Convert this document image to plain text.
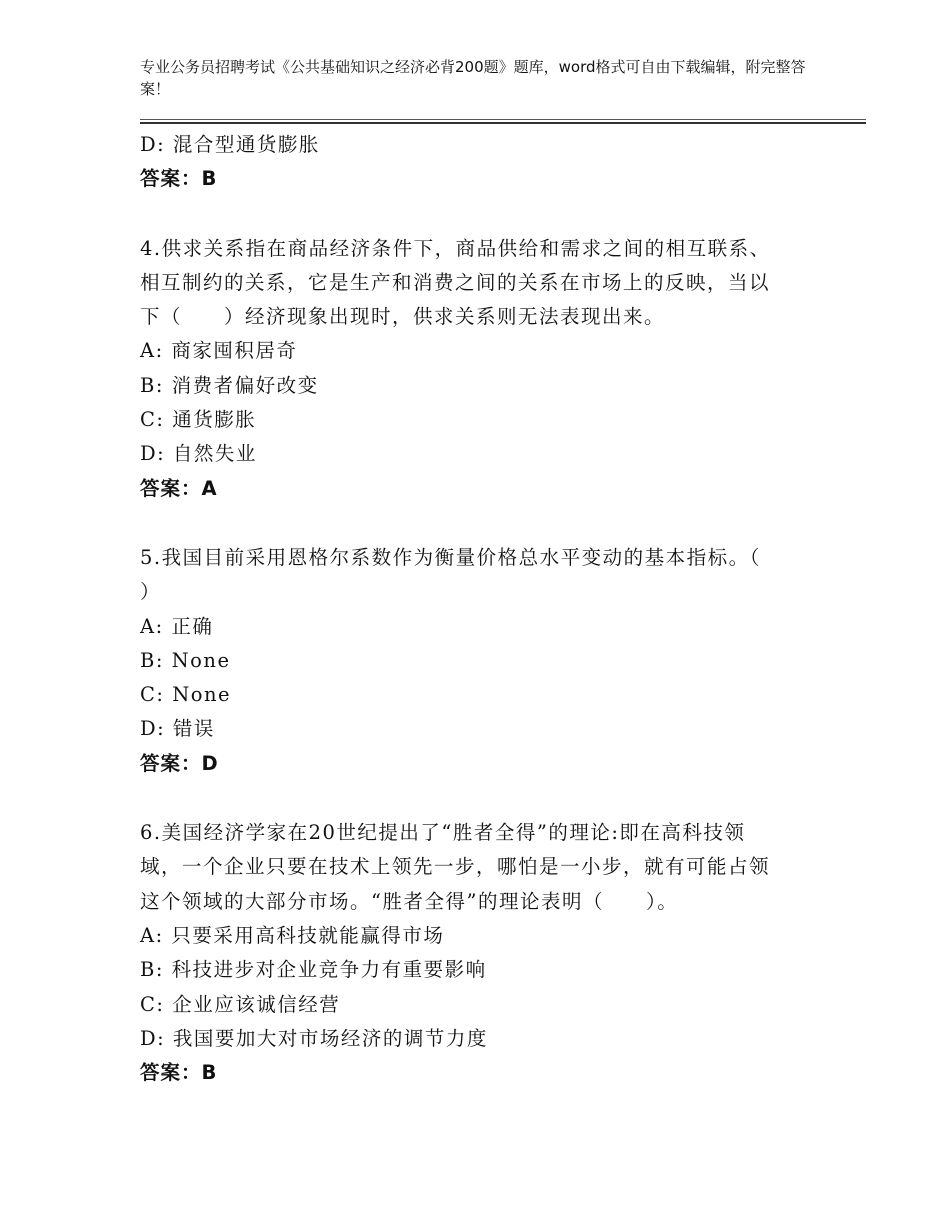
专业公务员招聘考试《公共基础知识之经济必背200题》题库，word格式可自由下载编辑，附完整答案！
D: 混合型通货膨胀
答案：B
4.供求关系指在商品经济条件下，商品供给和需求之间的相互联系、
相互制约的关系，它是生产和消费之间的关系在市场上的反映，当以
下（　　）经济现象出现时，供求关系则无法表现出来。
A: 商家囤积居奇
B: 消费者偏好改变
C: 通货膨胀
D: 自然失业
答案：A
5.我国目前采用恩格尔系数作为衡量价格总水平变动的基本指标。（
）
A: 正确
B: None
C: None
D: 错误
答案：D
6.美国经济学家在20世纪提出了“胜者全得”的理论:即在高科技领
域，一个企业只要在技术上领先一步，哪怕是一小步，就有可能占领
这个领域的大部分市场。“胜者全得”的理论表明（　　）。
A: 只要采用高科技就能赢得市场
B: 科技进步对企业竞争力有重要影响
C: 企业应该诚信经营
D: 我国要加大对市场经济的调节力度
答案：B
